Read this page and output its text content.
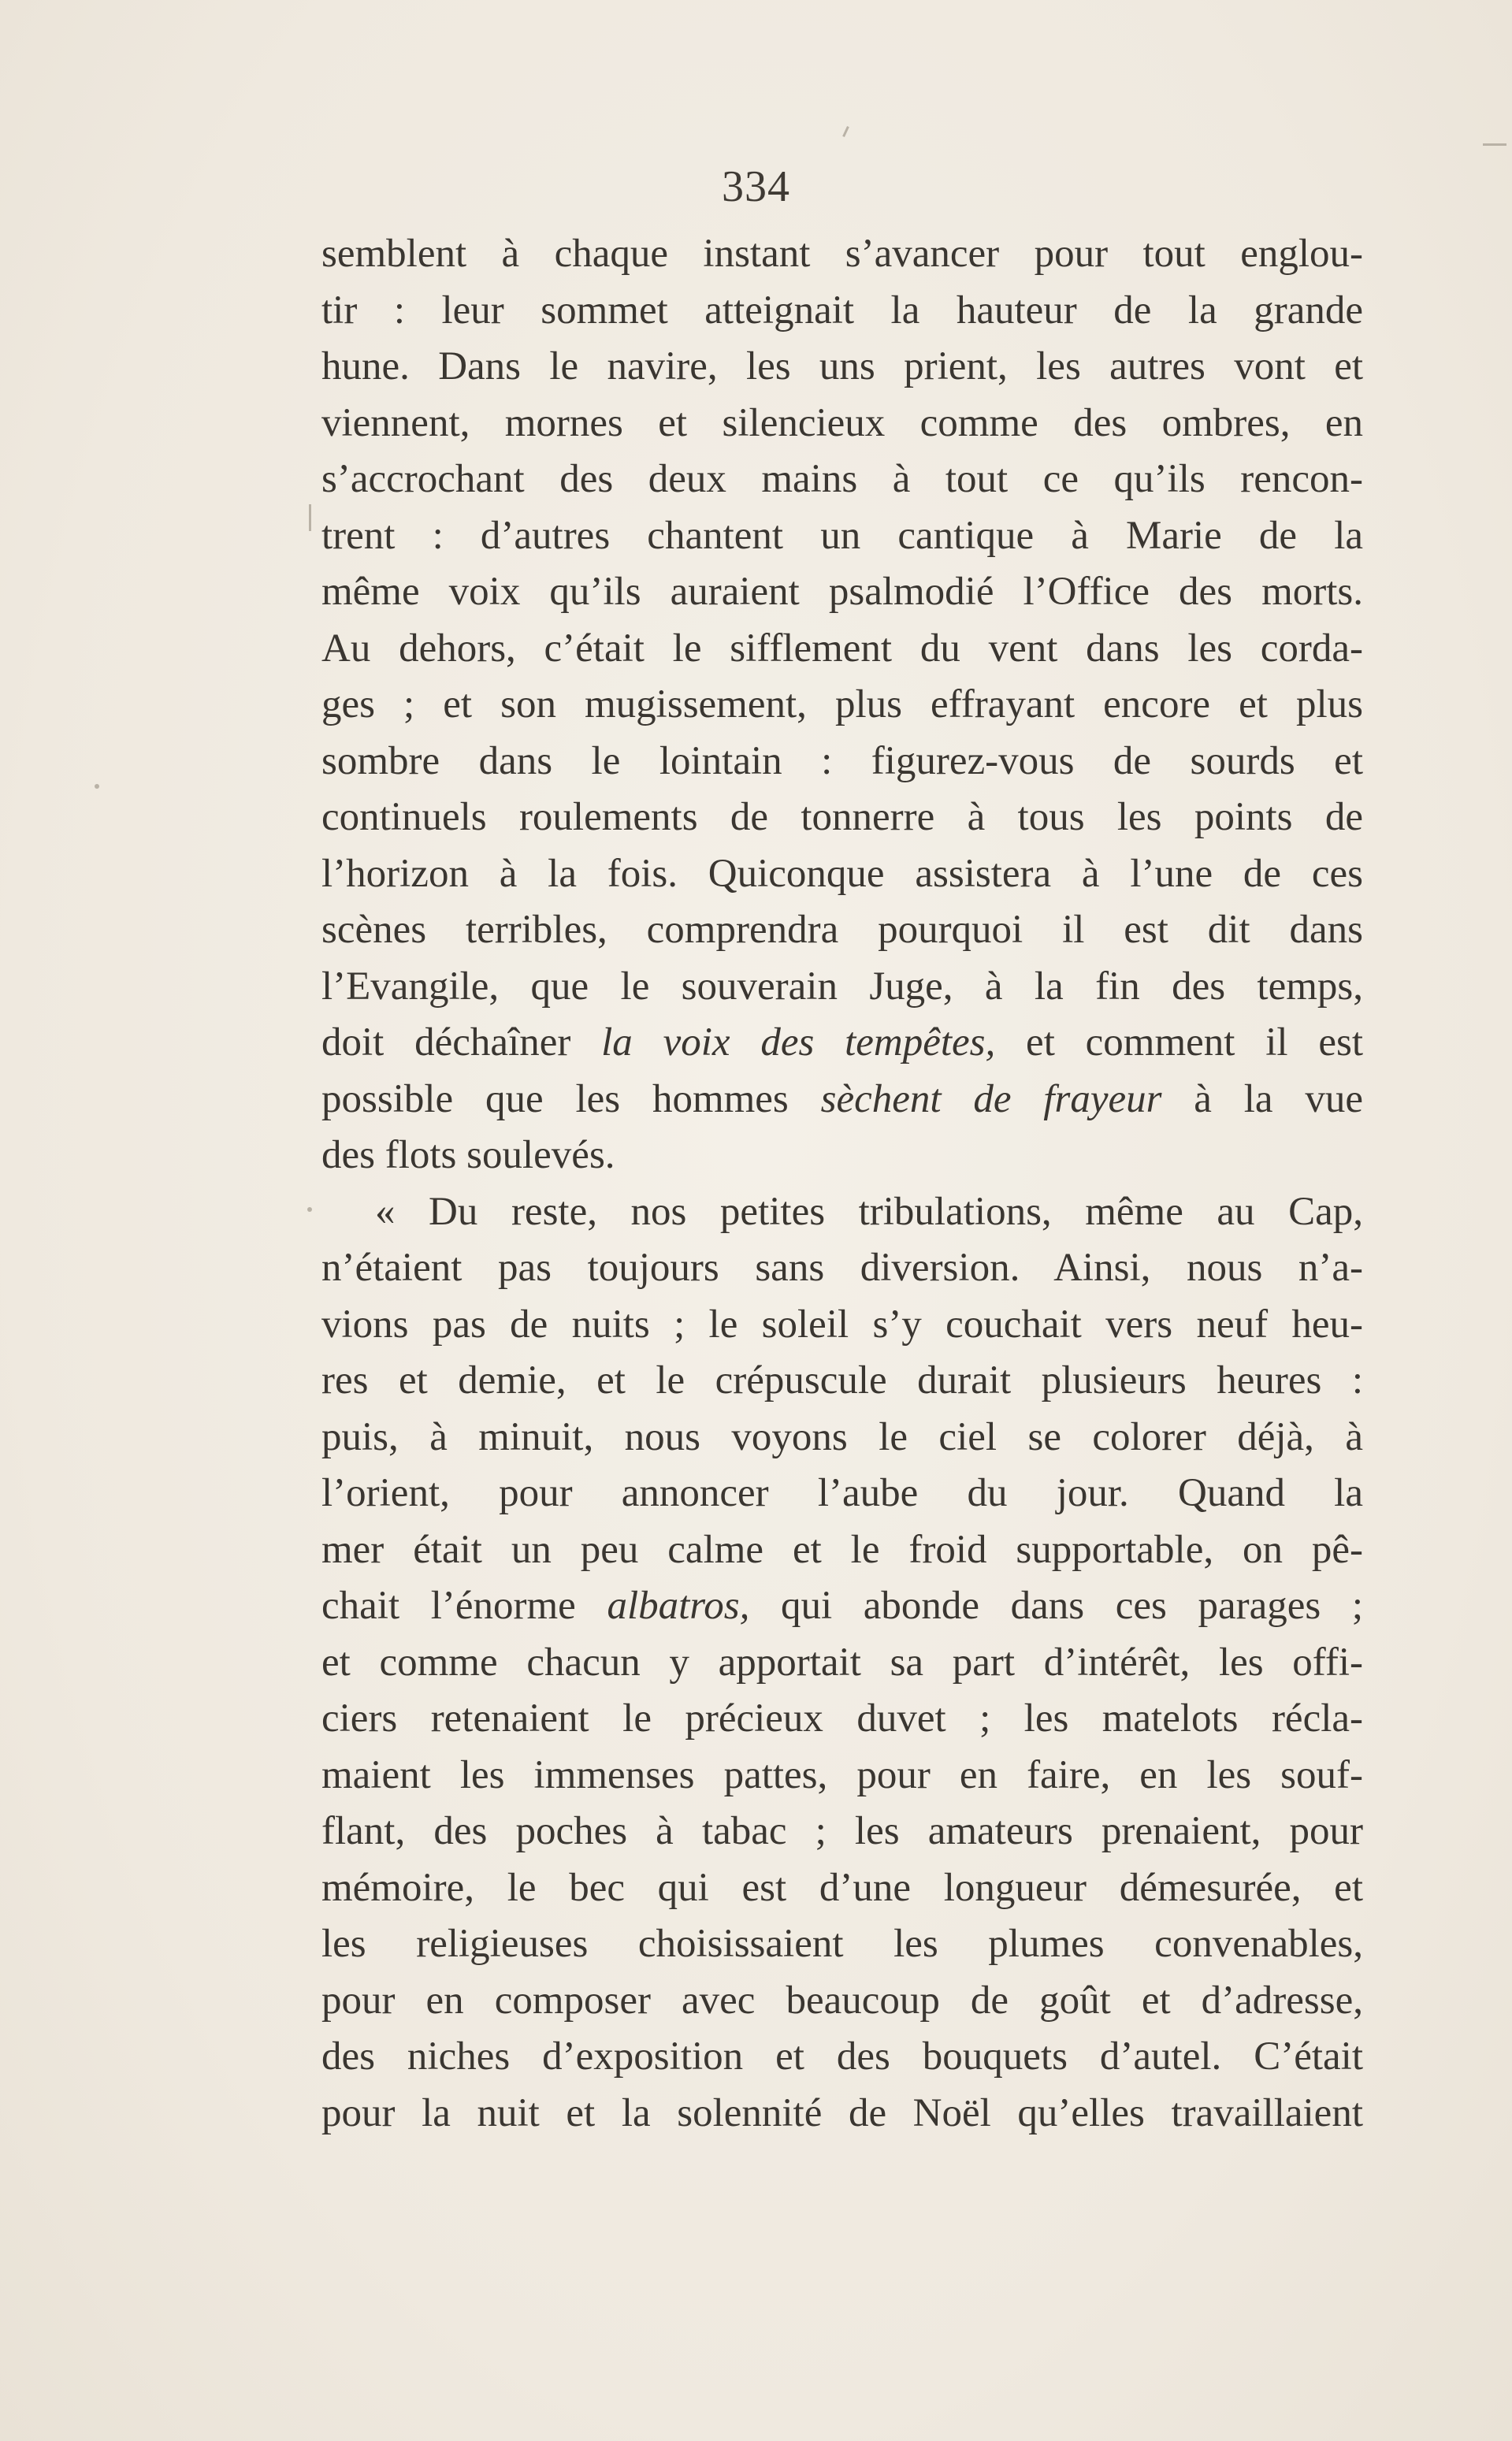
334
semblent à chaque instant s’avancer pour tout englou-
tir : leur sommet atteignait la hauteur de la grande
hune. Dans le navire, les uns prient, les autres vont et
viennent, mornes et silencieux comme des ombres, en
s’accrochant des deux mains à tout ce qu’ils rencon-
trent : d’autres chantent un cantique à Marie de la
même voix qu’ils auraient psalmodié l’Office des morts.
Au dehors, c’était le sifflement du vent dans les corda-
ges ; et son mugissement, plus effrayant encore et plus
sombre dans le lointain : figurez-vous de sourds et
continuels roulements de tonnerre à tous les points de
l’horizon à la fois. Quiconque assistera à l’une de ces
scènes terribles, comprendra pourquoi il est dit dans
l’Evangile, que le souverain Juge, à la fin des temps,
doit déchaîner la voix des tempêtes, et comment il est
possible que les hommes sèchent de frayeur à la vue
des flots soulevés.
« Du reste, nos petites tribulations, même au Cap,
n’étaient pas toujours sans diversion. Ainsi, nous n’a-
vions pas de nuits ; le soleil s’y couchait vers neuf heu-
res et demie, et le crépuscule durait plusieurs heures :
puis, à minuit, nous voyons le ciel se colorer déjà, à
l’orient, pour annoncer l’aube du jour. Quand la
mer était un peu calme et le froid supportable, on pê-
chait l’énorme albatros, qui abonde dans ces parages ;
et comme chacun y apportait sa part d’intérêt, les offi-
ciers retenaient le précieux duvet ; les matelots récla-
maient les immenses pattes, pour en faire, en les souf-
flant, des poches à tabac ; les amateurs prenaient, pour
mémoire, le bec qui est d’une longueur démesurée, et
les religieuses choisissaient les plumes convenables,
pour en composer avec beaucoup de goût et d’adresse,
des niches d’exposition et des bouquets d’autel. C’était
pour la nuit et la solennité de Noël qu’elles travaillaient
